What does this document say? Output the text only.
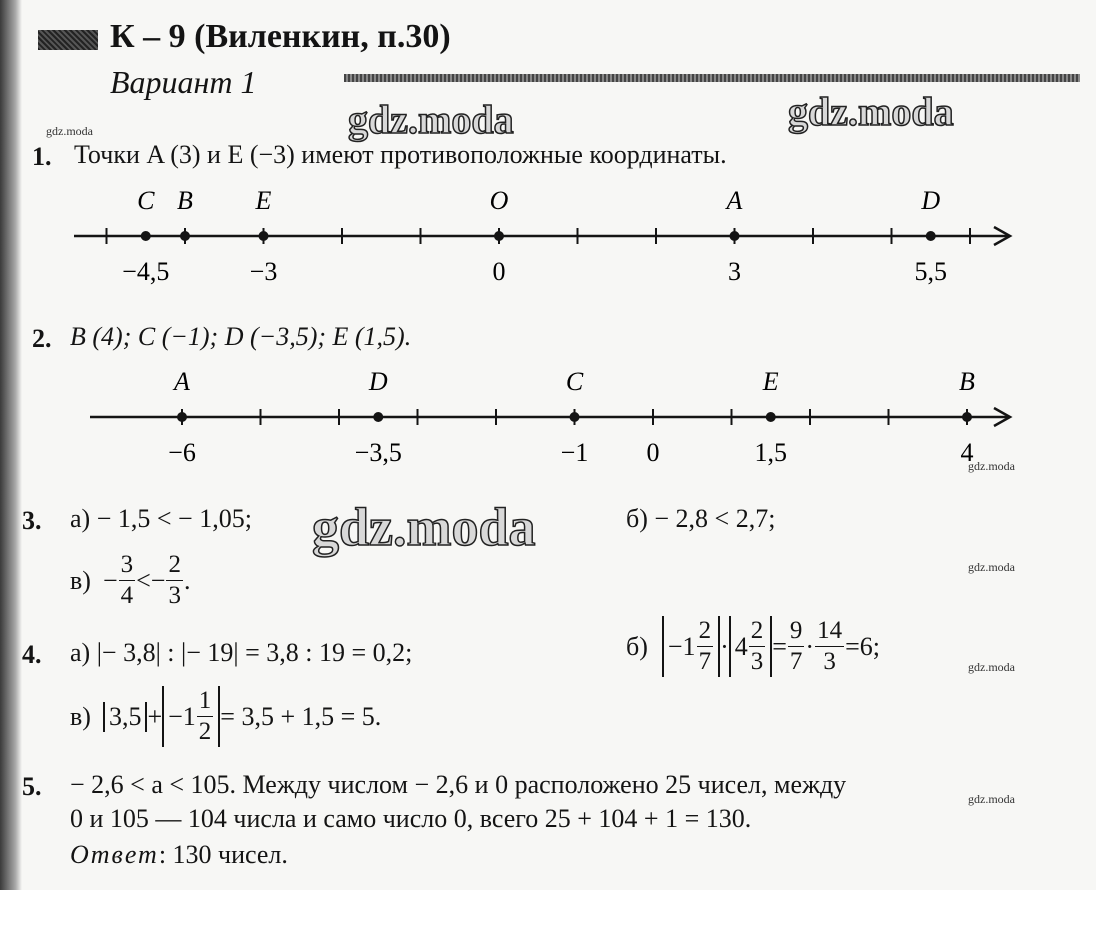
К – 9 (Виленкин, п.30)
Вариант 1
gdz.moda	gdz.moda
gdz.moda
gdz.moda
gdz.moda
gdz.moda
gdz.moda
gdz.moda
1. Точки A (3) и E (−3) имеют противоположные координаты.
C
−4,5
B E
−3
O
0
A
3
D
5,5
2. B (4); C (−1); D (−3,5); E (1,5).
A
−6
D
−3,5
C
−1
E
1,5
B
4
0
3. а) − 1,5 < − 1,05;	б) − 2,8 < 2,7;
$в) - \frac{3}{4} <- \frac{2}{3}$ .
4. а) |− 3,8| : |− 19| = 3,8 : 19 = 0,2;	$б) -1 \frac{2}{7} \cdot 4 \frac{2}{3} = \frac{9}{7} \cdot \frac{14}{3} =6$;
в) $3,5 + -1 \frac{1}{2} = 3,5 + 1,5 = 5$.
5. − 2,6 < a < 105. Между числом − 2,6 и 0 расположено 25 чисел, между
0 и 105 — 104 числа и само число 0, всего 25 + 104 + 1 = 130.
Ответ: 130 чисел.
